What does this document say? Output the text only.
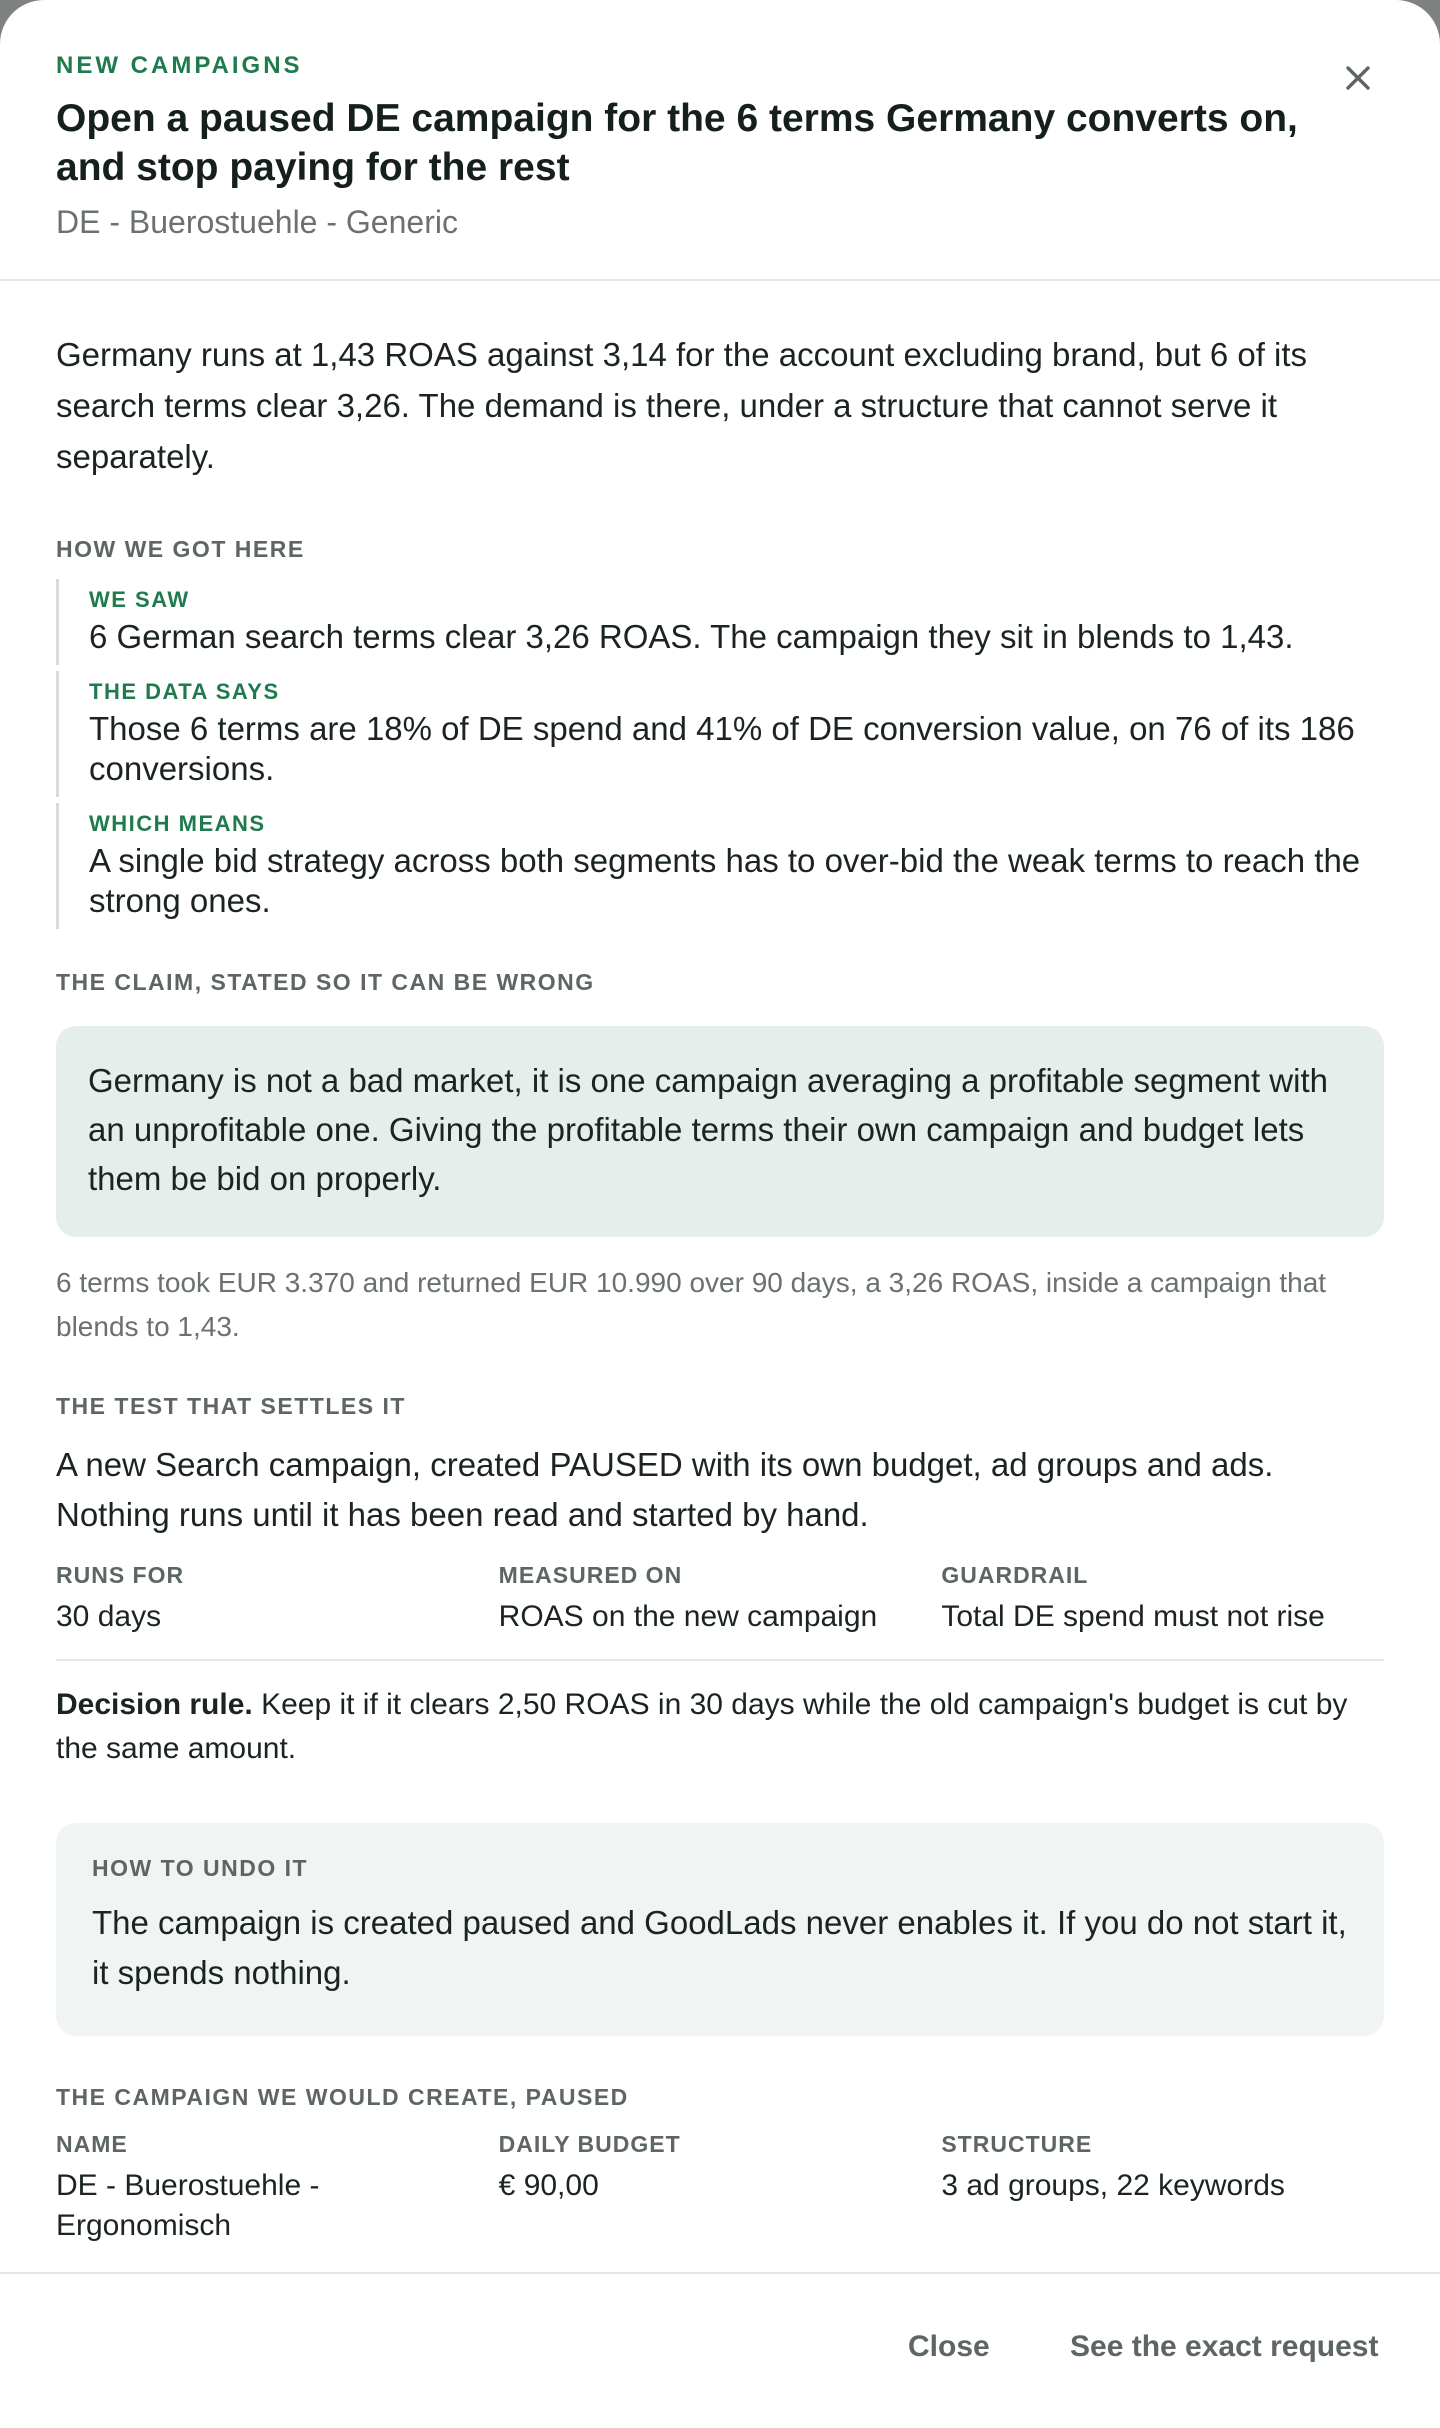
NEW CAMPAIGNS
Open a paused DE campaign for the 6 terms Germany converts on, and stop paying for the rest
DE - Buerostuehle - Generic

Germany runs at 1,43 ROAS against 3,14 for the account excluding brand, but 6 of its search terms clear 3,26. The demand is there, under a structure that cannot serve it separately.

HOW WE GOT HERE
WE SAW
6 German search terms clear 3,26 ROAS. The campaign they sit in blends to 1,43.
THE DATA SAYS
Those 6 terms are 18% of DE spend and 41% of DE conversion value, on 76 of its 186 conversions.
WHICH MEANS
A single bid strategy across both segments has to over-bid the weak terms to reach the strong ones.
THE CLAIM, STATED SO IT CAN BE WRONG
Germany is not a bad market, it is one campaign averaging a profitable segment with an unprofitable one. Giving the profitable terms their own campaign and budget lets them be bid on properly.
6 terms took EUR 3.370 and returned EUR 10.990 over 90 days, a 3,26 ROAS, inside a campaign that blends to 1,43.
THE TEST THAT SETTLES IT
A new Search campaign, created PAUSED with its own budget, ad groups and ads. Nothing runs until it has been read and started by hand.
RUNS FOR
30 days
MEASURED ON
ROAS on the new campaign
GUARDRAIL
Total DE spend must not rise
Decision rule. Keep it if it clears 2,50 ROAS in 30 days while the old campaign's budget is cut by the same amount.
HOW TO UNDO IT
The campaign is created paused and GoodLads never enables it. If you do not start it, it spends nothing.
THE CAMPAIGN WE WOULD CREATE, PAUSED
NAME
DE - Buerostuehle - Ergonomisch
DAILY BUDGET
€ 90,00
STRUCTURE
3 ad groups, 22 keywords
Close	See the exact request
